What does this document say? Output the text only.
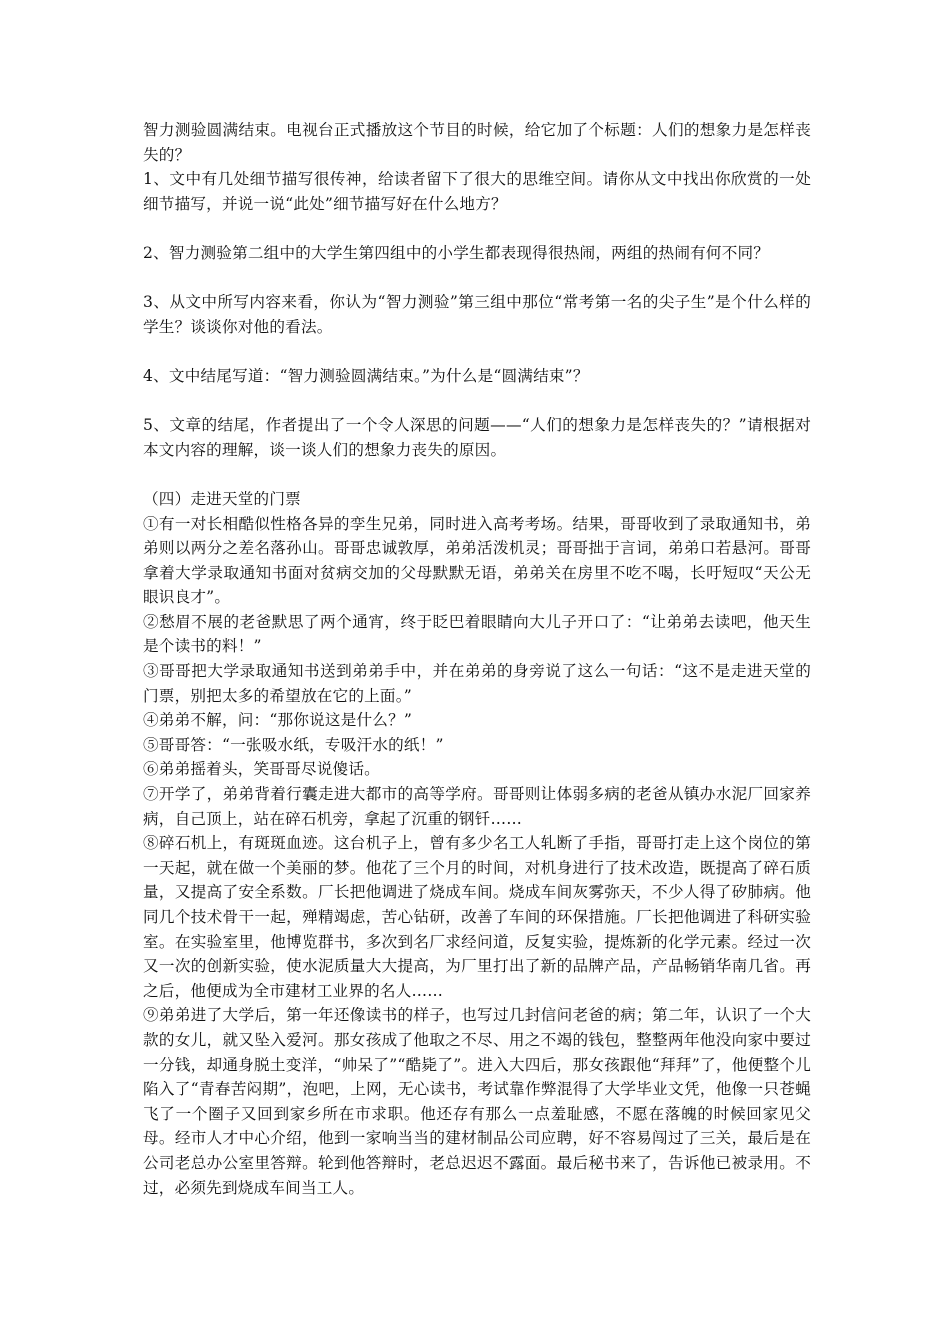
智力测验圆满结束。电视台正式播放这个节目的时候，给它加了个标题：人们的想象力是怎样丧失的？

1、文中有几处细节描写很传神，给读者留下了很大的思维空间。请你从文中找出你欣赏的一处细节描写，并说一说“此处”细节描写好在什么地方？

2、智力测验第二组中的大学生第四组中的小学生都表现得很热闹，两组的热闹有何不同？

3、从文中所写内容来看，你认为“智力测验”第三组中那位“常考第一名的尖子生”是个什么样的学生？谈谈你对他的看法。

4、文中结尾写道：“智力测验圆满结束。”为什么是“圆满结束”？

5、文章的结尾，作者提出了一个令人深思的问题——“人们的想象力是怎样丧失的？”请根据对本文内容的理解，谈一谈人们的想象力丧失的原因。

（四）走进天堂的门票

①有一对长相酷似性格各异的孪生兄弟，同时进入高考考场。结果，哥哥收到了录取通知书，弟弟则以两分之差名落孙山。哥哥忠诚敦厚，弟弟活泼机灵；哥哥拙于言词，弟弟口若悬河。哥哥拿着大学录取通知书面对贫病交加的父母默默无语，弟弟关在房里不吃不喝，长吁短叹“天公无眼识良才”。

②愁眉不展的老爸默思了两个通宵，终于眨巴着眼睛向大儿子开口了：“让弟弟去读吧，他天生是个读书的料！”

③哥哥把大学录取通知书送到弟弟手中，并在弟弟的身旁说了这么一句话：“这不是走进天堂的门票，别把太多的希望放在它的上面。”

④弟弟不解，问：“那你说这是什么？”

⑤哥哥答：“一张吸水纸，专吸汗水的纸！”

⑥弟弟摇着头，笑哥哥尽说傻话。

⑦开学了，弟弟背着行囊走进大都市的高等学府。哥哥则让体弱多病的老爸从镇办水泥厂回家养病，自己顶上，站在碎石机旁，拿起了沉重的钢钎……

⑧碎石机上，有斑斑血迹。这台机子上，曾有多少名工人轧断了手指，哥哥打走上这个岗位的第一天起，就在做一个美丽的梦。他花了三个月的时间，对机身进行了技术改造，既提高了碎石质量，又提高了安全系数。厂长把他调进了烧成车间。烧成车间灰雾弥天，不少人得了矽肺病。他同几个技术骨干一起，殚精竭虑，苦心钻研，改善了车间的环保措施。厂长把他调进了科研实验室。在实验室里，他博览群书，多次到名厂求经问道，反复实验，提炼新的化学元素。经过一次又一次的创新实验，使水泥质量大大提高，为厂里打出了新的品牌产品，产品畅销华南几省。再之后，他便成为全市建材工业界的名人……

⑨弟弟进了大学后，第一年还像读书的样子，也写过几封信问老爸的病；第二年，认识了一个大款的女儿，就又坠入爱河。那女孩成了他取之不尽、用之不竭的钱包，整整两年他没向家中要过一分钱，却通身脱土变洋，“帅呆了”“酷毙了”。进入大四后，那女孩跟他“拜拜”了，他便整个儿陷入了“青春苦闷期”，泡吧，上网，无心读书，考试靠作弊混得了大学毕业文凭，他像一只苍蝇飞了一个圈子又回到家乡所在市求职。他还存有那么一点羞耻感，不愿在落魄的时候回家见父母。经市人才中心介绍，他到一家响当当的建材制品公司应聘，好不容易闯过了三关，最后是在公司老总办公室里答辩。轮到他答辩时，老总迟迟不露面。最后秘书来了，告诉他已被录用。不过，必须先到烧成车间当工人。
